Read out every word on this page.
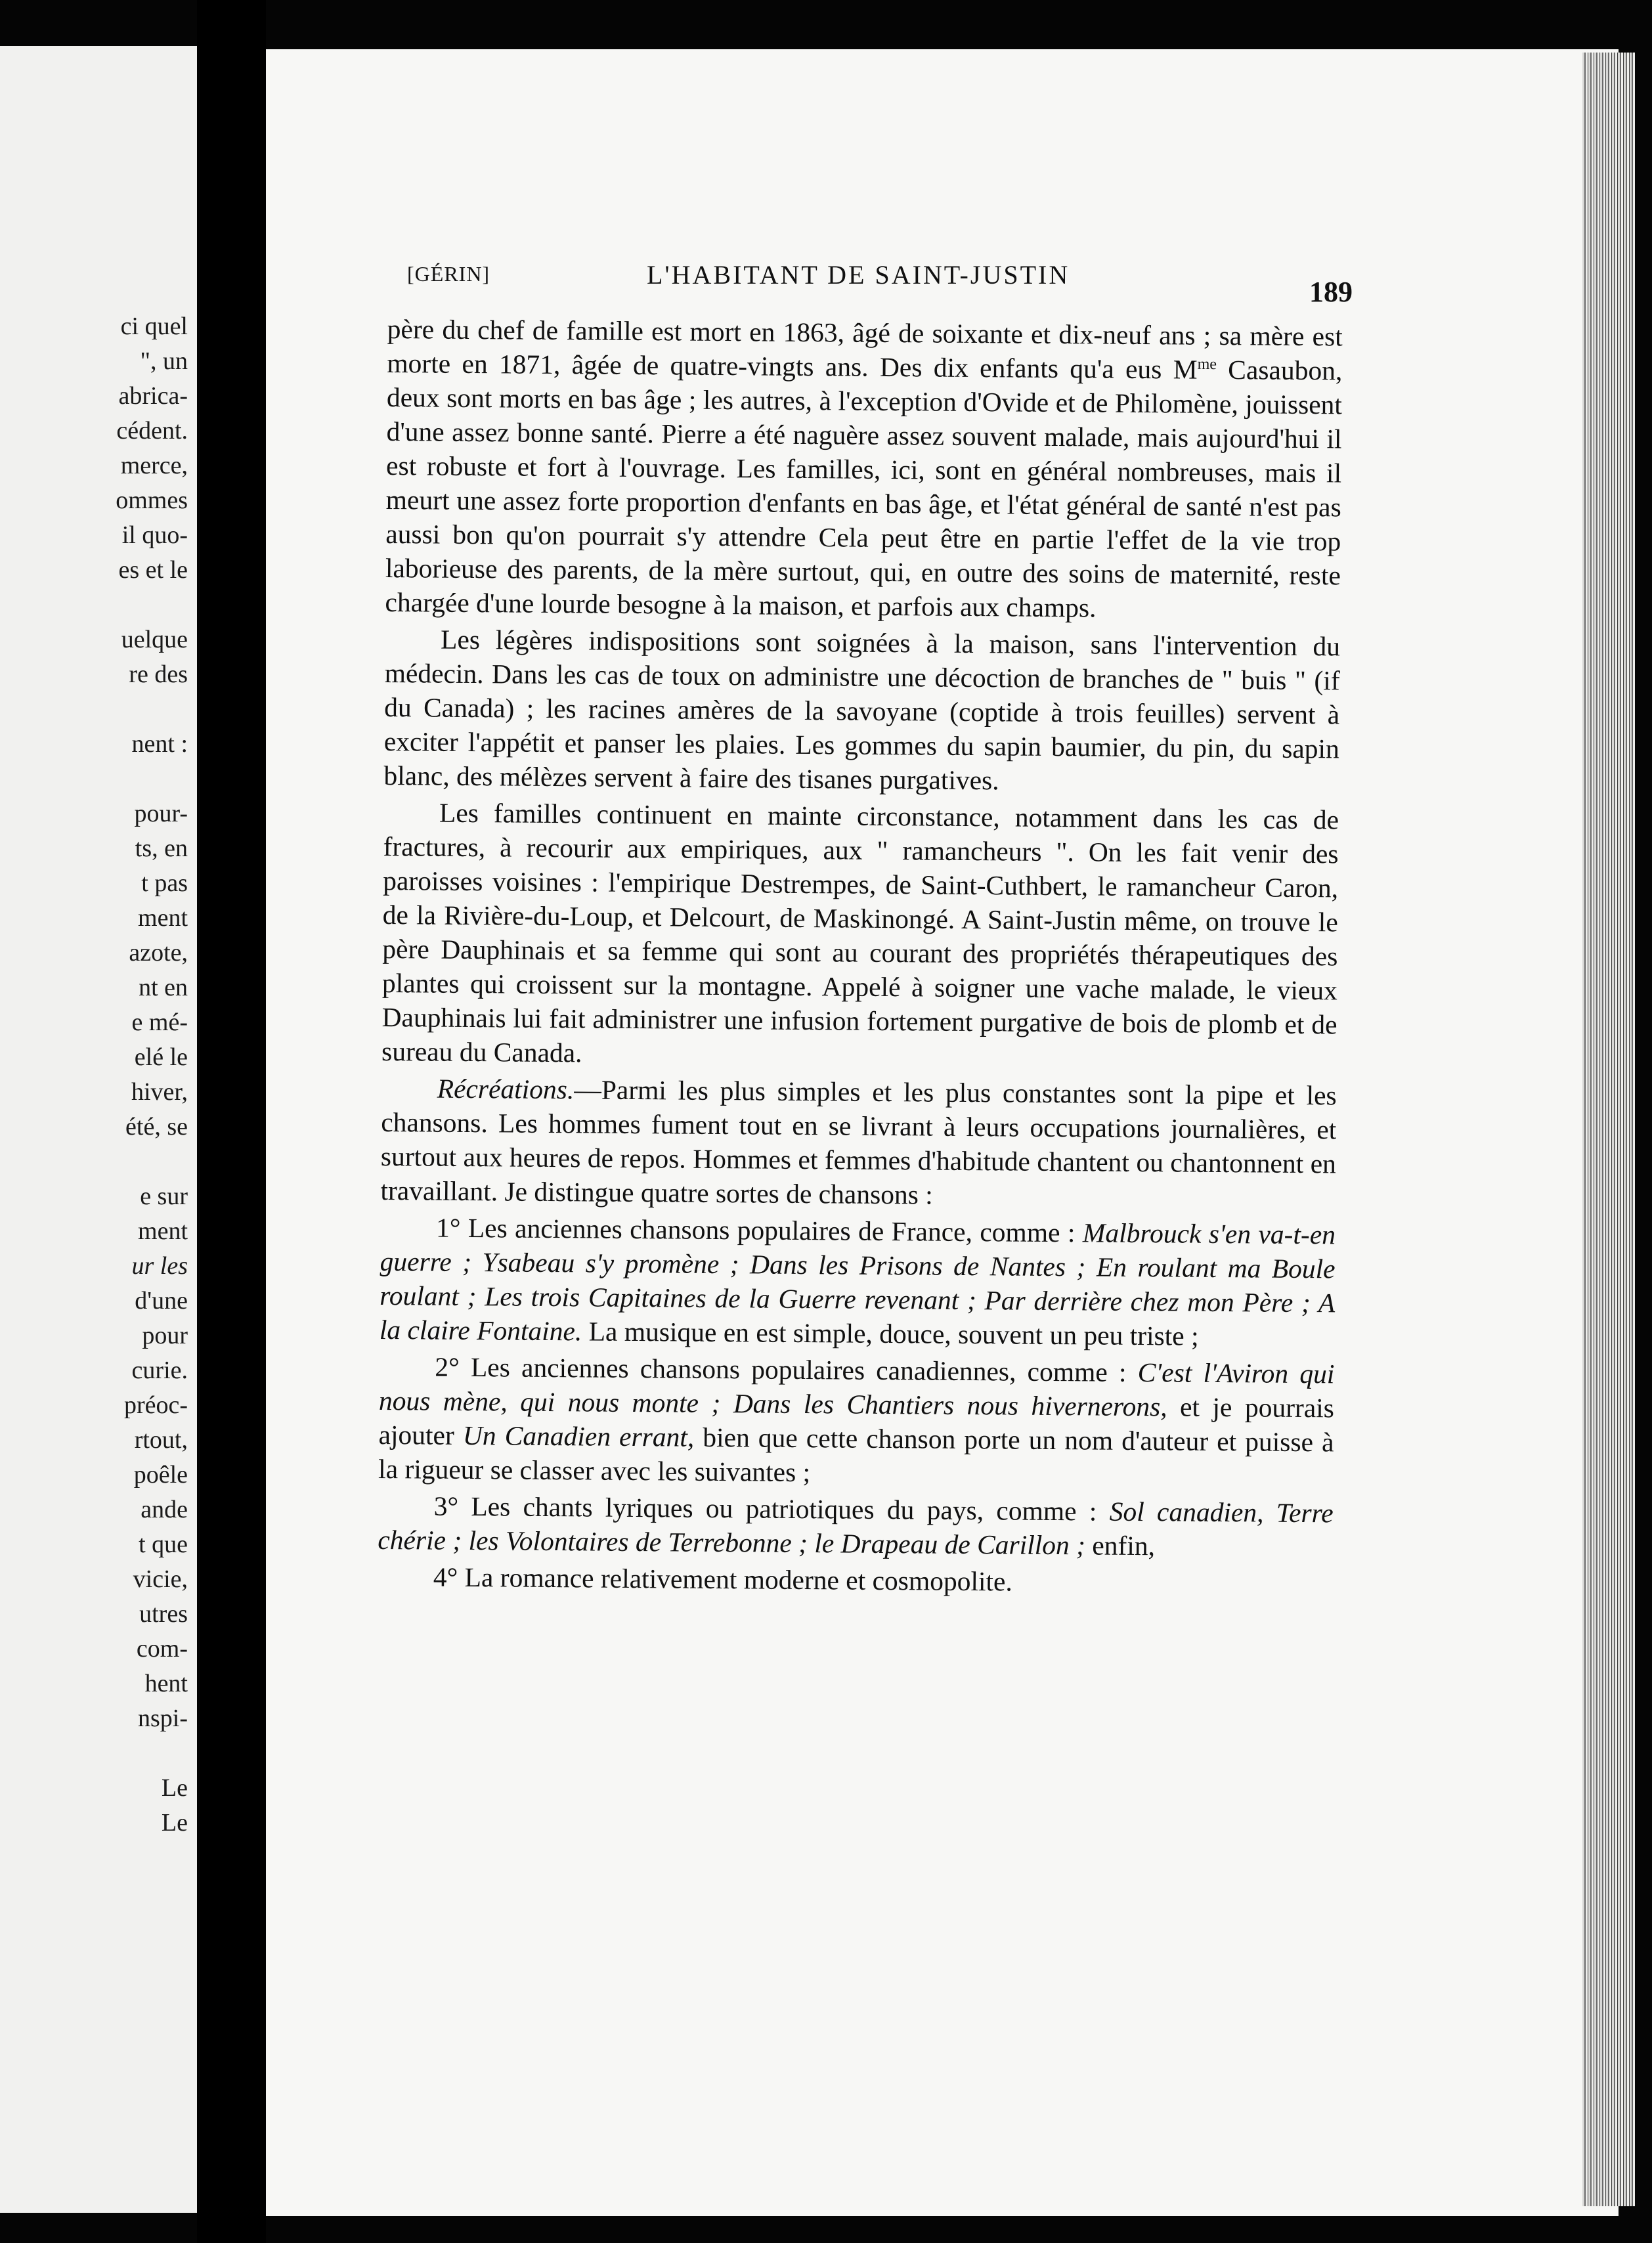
ci quel
", un
abrica-
cédent.
merce,
ommes
il quo-
es et le
uelque
re des
nent :
pour-
ts, en
t pas
ment
azote,
nt en
e mé-
elé le
hiver,
été, se
e sur
ment
ur les
d'une
pour
curie.
préoc-
rtout,
poêle
ande
t que
vicie,
utres
com-
hent
nspi-
Le
Le
[GÉRIN]	L'HABITANT DE SAINT-JUSTIN
189

père du chef de famille est mort en 1863, âgé de soixante et dix-neuf ans ; sa mère est morte en 1871, âgée de quatre-vingts ans. Des dix enfants qu'a eus $M^{me}$ Casaubon, deux sont morts en bas âge ; les autres, à l'exception d'Ovide et de Philomène, jouissent d'une assez bonne santé. Pierre a été naguère assez souvent malade, mais aujourd'hui il est robuste et fort à l'ouvrage. Les familles, ici, sont en général nombreuses, mais il meurt une assez forte proportion d'enfants en bas âge, et l'état général de santé n'est pas aussi bon qu'on pourrait s'y attendre Cela peut être en partie l'effet de la vie trop laborieuse des parents, de la mère surtout, qui, en outre des soins de maternité, reste chargée d'une lourde besogne à la maison, et parfois aux champs.

Les légères indispositions sont soignées à la maison, sans l'intervention du médecin. Dans les cas de toux on administre une décoction de branches de " buis " (if du Canada) ; les racines amères de la savoyane (coptide à trois feuilles) servent à exciter l'appétit et panser les plaies. Les gommes du sapin baumier, du pin, du sapin blanc, des mélèzes servent à faire des tisanes purgatives.

Les familles continuent en mainte circonstance, notamment dans les cas de fractures, à recourir aux empiriques, aux " ramancheurs ". On les fait venir des paroisses voisines : l'empirique Destrempes, de Saint-Cuthbert, le ramancheur Caron, de la Rivière-du-Loup, et Delcourt, de Maskinongé. A Saint-Justin même, on trouve le père Dauphinais et sa femme qui sont au courant des propriétés thérapeutiques des plantes qui croissent sur la montagne. Appelé à soigner une vache malade, le vieux Dauphinais lui fait administrer une infusion fortement purgative de bois de plomb et de sureau du Canada.

Récréations.—Parmi les plus simples et les plus constantes sont la pipe et les chansons. Les hommes fument tout en se livrant à leurs occupations journalières, et surtout aux heures de repos. Hommes et femmes d'habitude chantent ou chantonnent en travaillant. Je distingue quatre sortes de chansons :

1° Les anciennes chansons populaires de France, comme : Malbrouck s'en va-t-en guerre ; Ysabeau s'y promène ; Dans les Prisons de Nantes ; En roulant ma Boule roulant ; Les trois Capitaines de la Guerre revenant ; Par derrière chez mon Père ; A la claire Fontaine. La musique en est simple, douce, souvent un peu triste ;

2° Les anciennes chansons populaires canadiennes, comme : C'est l'Aviron qui nous mène, qui nous monte ; Dans les Chantiers nous hivernerons, et je pourrais ajouter Un Canadien errant, bien que cette chanson porte un nom d'auteur et puisse à la rigueur se classer avec les suivantes ;

3° Les chants lyriques ou patriotiques du pays, comme : Sol canadien, Terre chérie ; les Volontaires de Terrebonne ; le Drapeau de Carillon ; enfin,

4° La romance relativement moderne et cosmopolite.
